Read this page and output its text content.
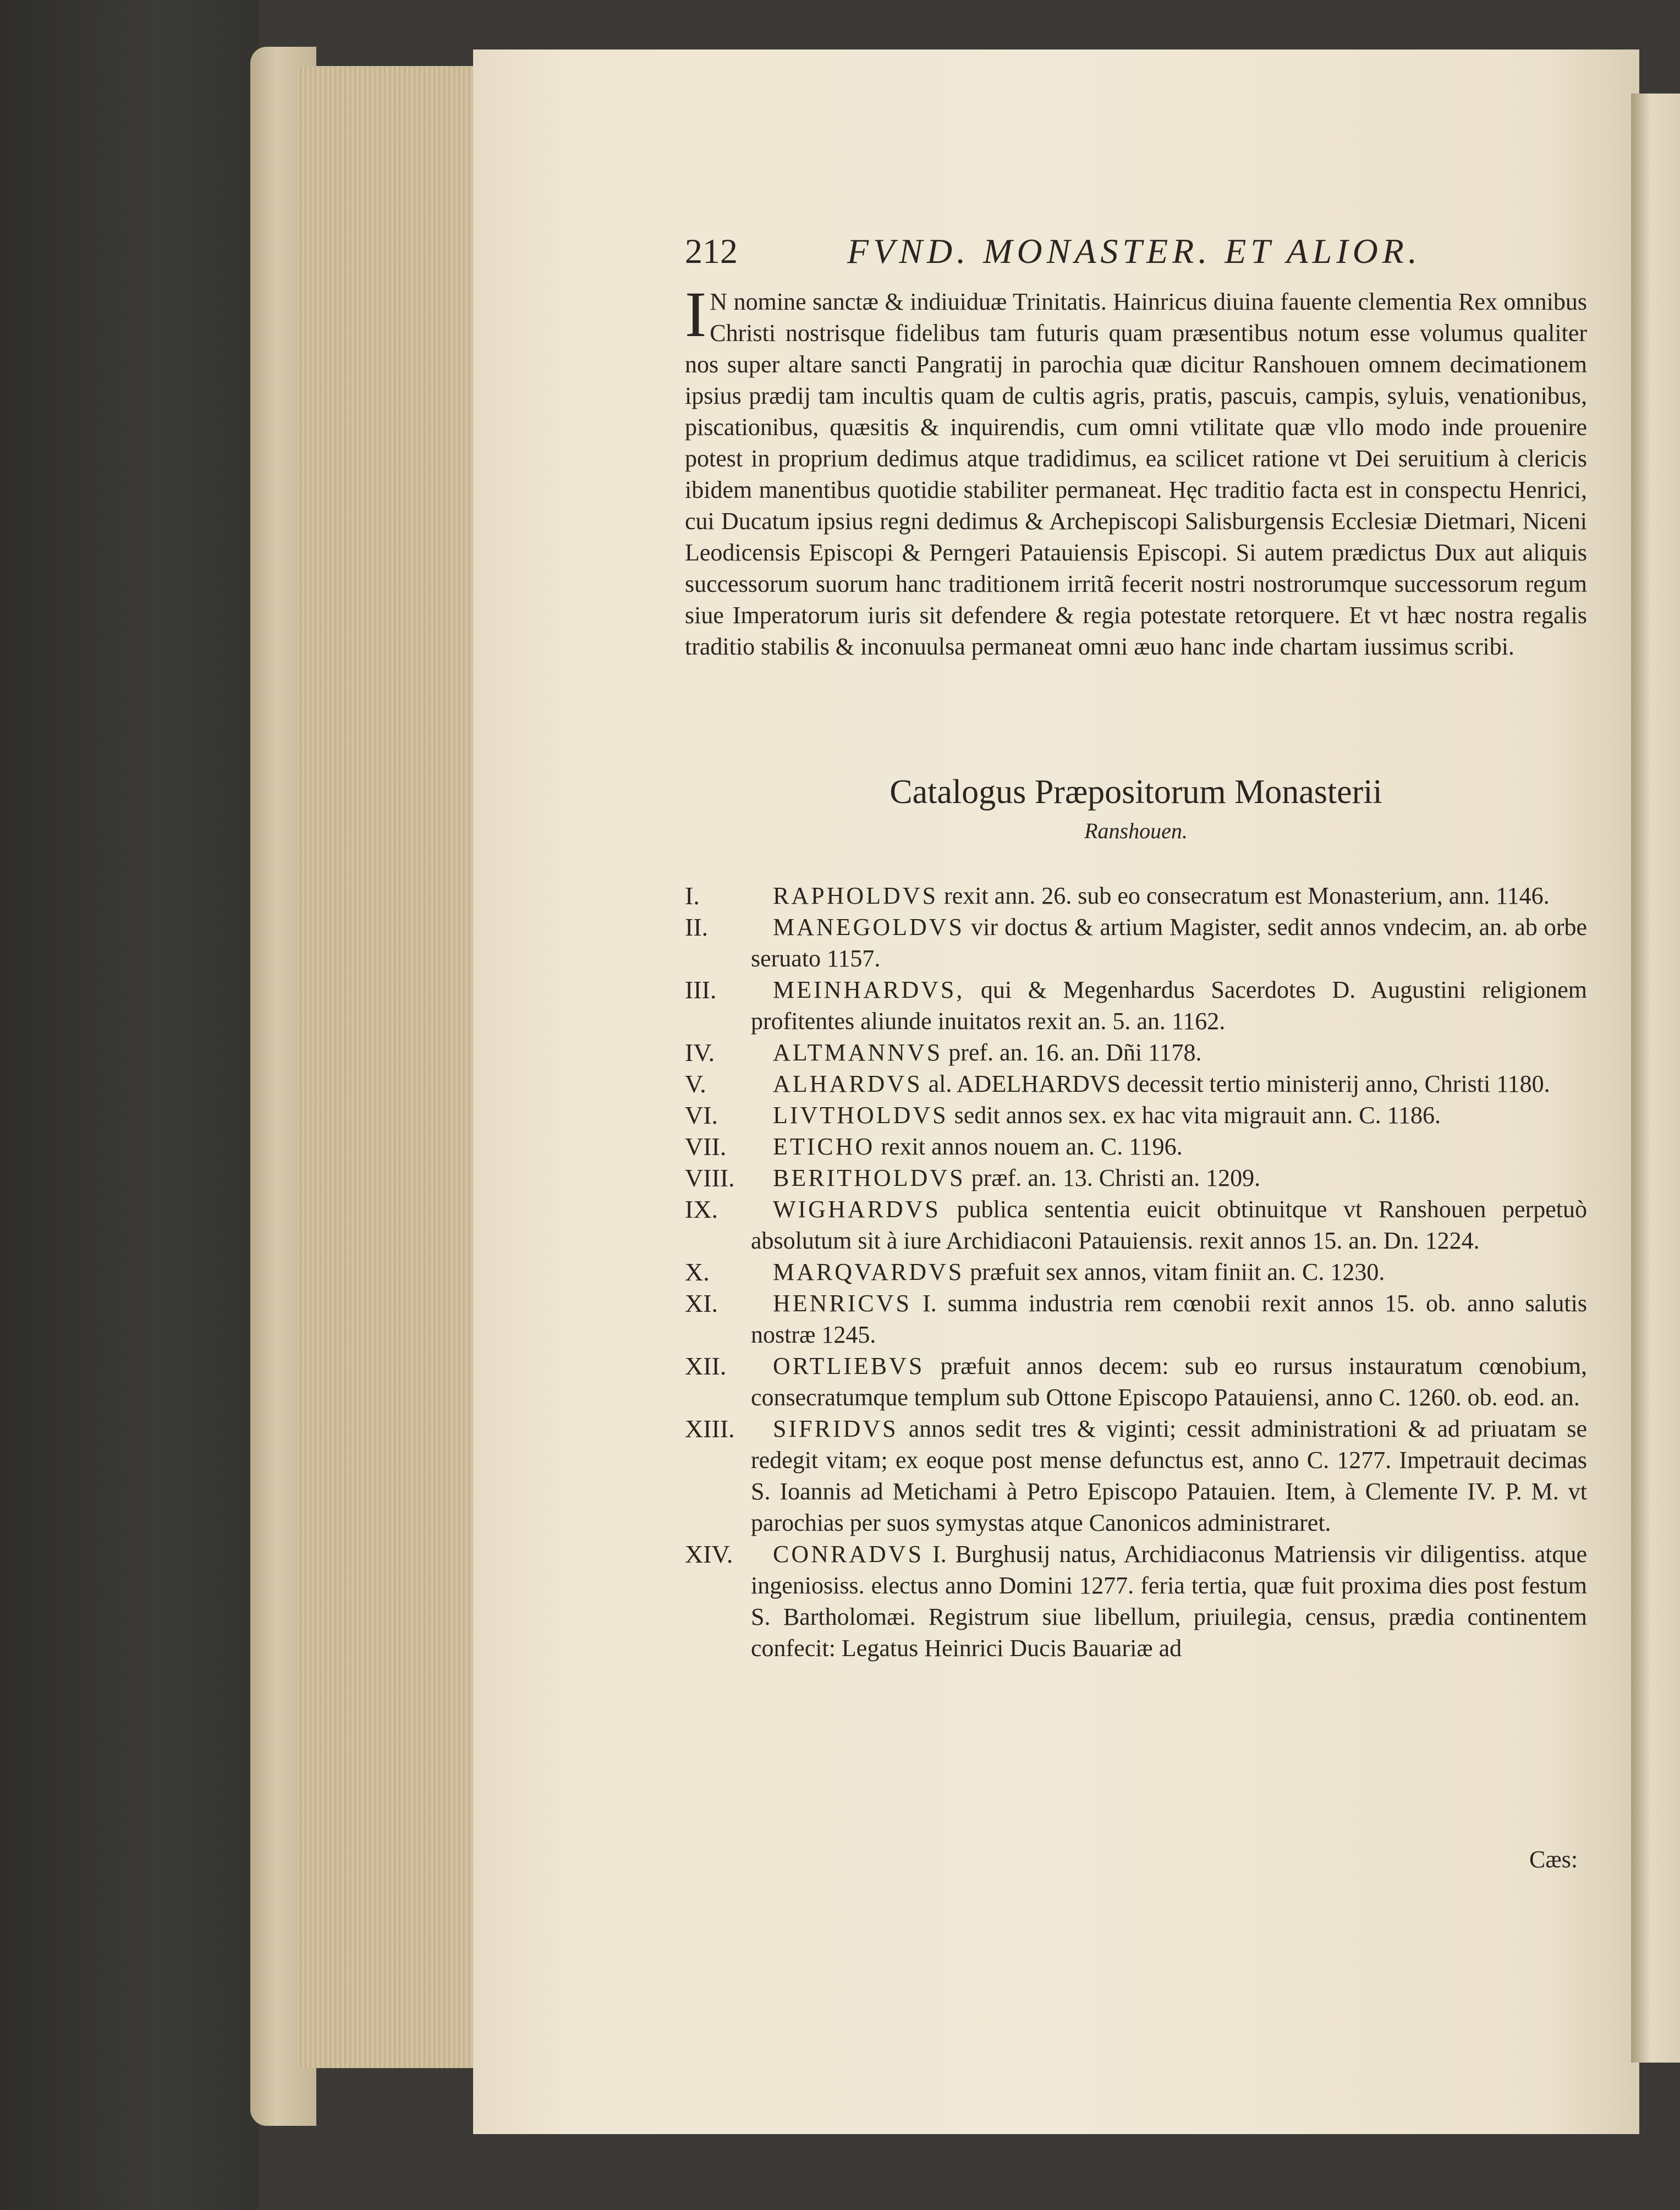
212	FVND. MONASTER. ET ALIOR.
I N nomine sanctæ & indiuiduæ Trinitatis. Hainricus diuina fauente clementia Rex omnibus Christi nostrisque fidelibus tam futuris quam præsentibus notum esse volumus qualiter nos super altare sancti Pangratij in parochia quæ dicitur Ranshouen omnem decimationem ipsius prædij tam incultis quam de cultis agris, pratis, pascuis, campis, syluis, venationibus, piscationibus, quæsitis & inquirendis, cum omni vtilitate quæ vllo modo inde prouenire potest in proprium dedimus atque tradidimus, ea scilicet ratione vt Dei seruitium à clericis ibidem manentibus quotidie stabiliter permaneat. Hęc traditio facta est in conspectu Henrici, cui Ducatum ipsius regni dedimus & Archepiscopi Salisburgensis Ecclesiæ Dietmari, Niceni Leodicensis Episcopi & Perngeri Patauiensis Episcopi. Si autem prædictus Dux aut aliquis successorum suorum hanc traditionem irritã fecerit nostri nostrorumque successorum regum siue Imperatorum iuris sit defendere & regia potestate retorquere. Et vt hæc nostra regalis traditio stabilis & inconuulsa permaneat omni æuo hanc inde chartam iussimus scribi.
Catalogus Præpositorum Monasterii
Ranshouen.
I.	RAPHOLDVS rexit ann. 26. sub eo consecratum est Monasterium, ann. 1146.
II.	MANEGOLDVS vir doctus & artium Magister, sedit annos vndecim, an. ab orbe seruato 1157.
III. MEINHARDVS, qui & Megenhardus Sacerdotes D. Augustini religionem profitentes aliunde inuitatos rexit an. 5. an. 1162.
IV. ALTMANNVS pref. an. 16. an. Dñi 1178.
V.	ALHARDVS al. ADELHARDVS decessit tertio ministerij anno, Christi 1180.
VI. LIVTHOLDVS sedit annos sex. ex hac vita migrauit ann. C. 1186.
VII. ETICHO rexit annos nouem an. C. 1196.
VIII. BERITHOLDVS præf. an. 13. Christi an. 1209.
IX. WIGHARDVS publica sententia euicit obtinuitque vt Ranshouen perpetuò absolutum sit à iure Archidiaconi Patauiensis. rexit annos 15. an. Dn. 1224.
X.	MARQVARDVS præfuit sex annos, vitam finiit an. C. 1230.
XI. HENRICVS I. summa industria rem cœnobii rexit annos 15. ob. anno salutis nostræ 1245.
XII. ORTLIEBVS præfuit annos decem: sub eo rursus instauratum cœnobium, consecratumque templum sub Ottone Episcopo Patauiensi, anno C. 1260. ob. eod. an.
XIII. SIFRIDVS annos sedit tres & viginti; cessit administrationi & ad priuatam se redegit vitam; ex eoque post mense defunctus est, anno C. 1277. Impetrauit decimas S. Ioannis ad Metichami à Petro Episcopo Patauien. Item, à Clemente IV. P. M. vt parochias per suos symystas atque Canonicos administraret.
XIV. CONRADVS I. Burghusij natus, Archidiaconus Matriensis vir diligentiss. atque ingeniosiss. electus anno Domini 1277. feria tertia, quæ fuit proxima dies post festum S. Bartholomæi. Registrum siue libellum, priuilegia, census, prædia continentem confecit: Legatus Heinrici Ducis Bauariæ ad
Cæs:
